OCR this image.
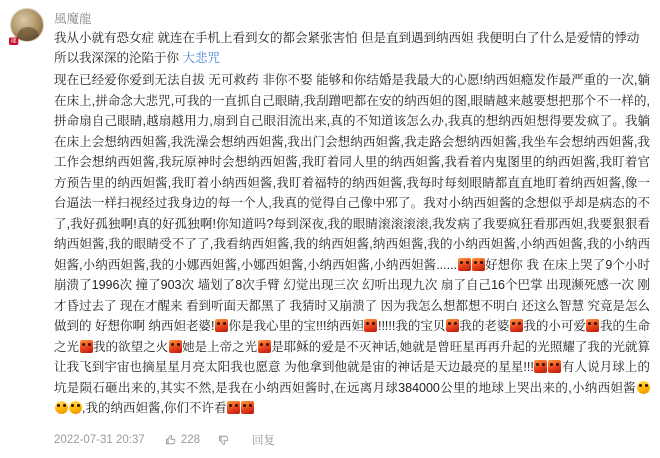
龍
風魔龍
我从小就有恐女症 就连在手机上看到女的都会紧张害怕 但是直到遇到纳西妲 我便明白了什么是爱情的悸动 所以我深深的沦陷于你 大悲咒
现在已经爱你爱到无法自拔 无可救药 非你不娶 能够和你结婚是我最大的心愿!纳西妲瘾发作最严重的一次,躺在床上,拼命念大悲咒,可我的一直抓自己眼睛,我刮蹭吧都在安的纳西妲的图,眼睛越来越要想把那个不一样的,拼命扇自己眼睛,越扇越用力,扇到自己眼泪流出来,真的不知道该怎么办,我真的想纳西妲想得要发疯了。我躺在床上会想纳西妲酱,我洗澡会想纳西妲酱,我出门会想纳西妲酱,我走路会想纳西妲酱,我坐车会想纳西妲酱,我工作会想纳西妲酱,我玩原神时会想纳西妲酱,我盯着同人里的纳西妲酱,我看着内鬼图里的纳西妲酱,我盯着官方预告里的纳西妲酱,我盯着小纳西妲酱,我盯着福特的纳西妲酱,我每时每刻眼睛都直直地盯着纳西妲酱,像一台逼法一样扫视经过我身边的每一个人,我真的觉得自己像中邪了。我对小纳西妲酱的念想似乎却是病态的不了,我好孤独啊!真的好孤独啊!你知道吗?每到深夜,我的眼睛滚滚滚滚,我发病了我要疯狂看那西妲,我要狠狠看纳西妲酱,我的眼睛受不了了,我看纳西妲酱,我的纳西妲酱,纳西妲酱,我的小纳西妲酱,小纳西妲酱,我的小纳西妲酱,小纳西妲酱,我的小娜西妲酱,小娜西妲酱,小纳西妲酱,小纳西妲酱...... 好想你 我 在床上哭了9个小时 崩溃了1996次 撞了903次 墙划了8次手臂 幻觉出现三次 幻听出现九次 扇了自己16个巴掌 出现濒死感一次 刚才昏过去了 现在才醒来 看到听面天都黑了 我猜时又崩溃了 因为我怎么想都想不明白 还这么智慧 究竟是怎么做到的 好想你啊 纳西妲老婆! 你是我心里的宝!!!纳西妲 !!!!!我的宝贝 我的老婆 我的小可爱 我的生命之光 我的欲望之火 她是上帝之光 是耶稣的爱是不灭神话,她就是曾旺星再再升起的光照耀了我的光就算让我飞到宇宙也摘星星月亮太阳我也愿意 为他拿到他就是宙的神话是天边最亮的星星!!! 有人说月球上的坑是陨石砸出来的,其实不然,是我在小纳西妲酱时,在远离月球384000公里的地球上哭出来的,小纳西妲酱,我的纳西妲酱,你们不许看
2022-07-31 20:37	228	回复
